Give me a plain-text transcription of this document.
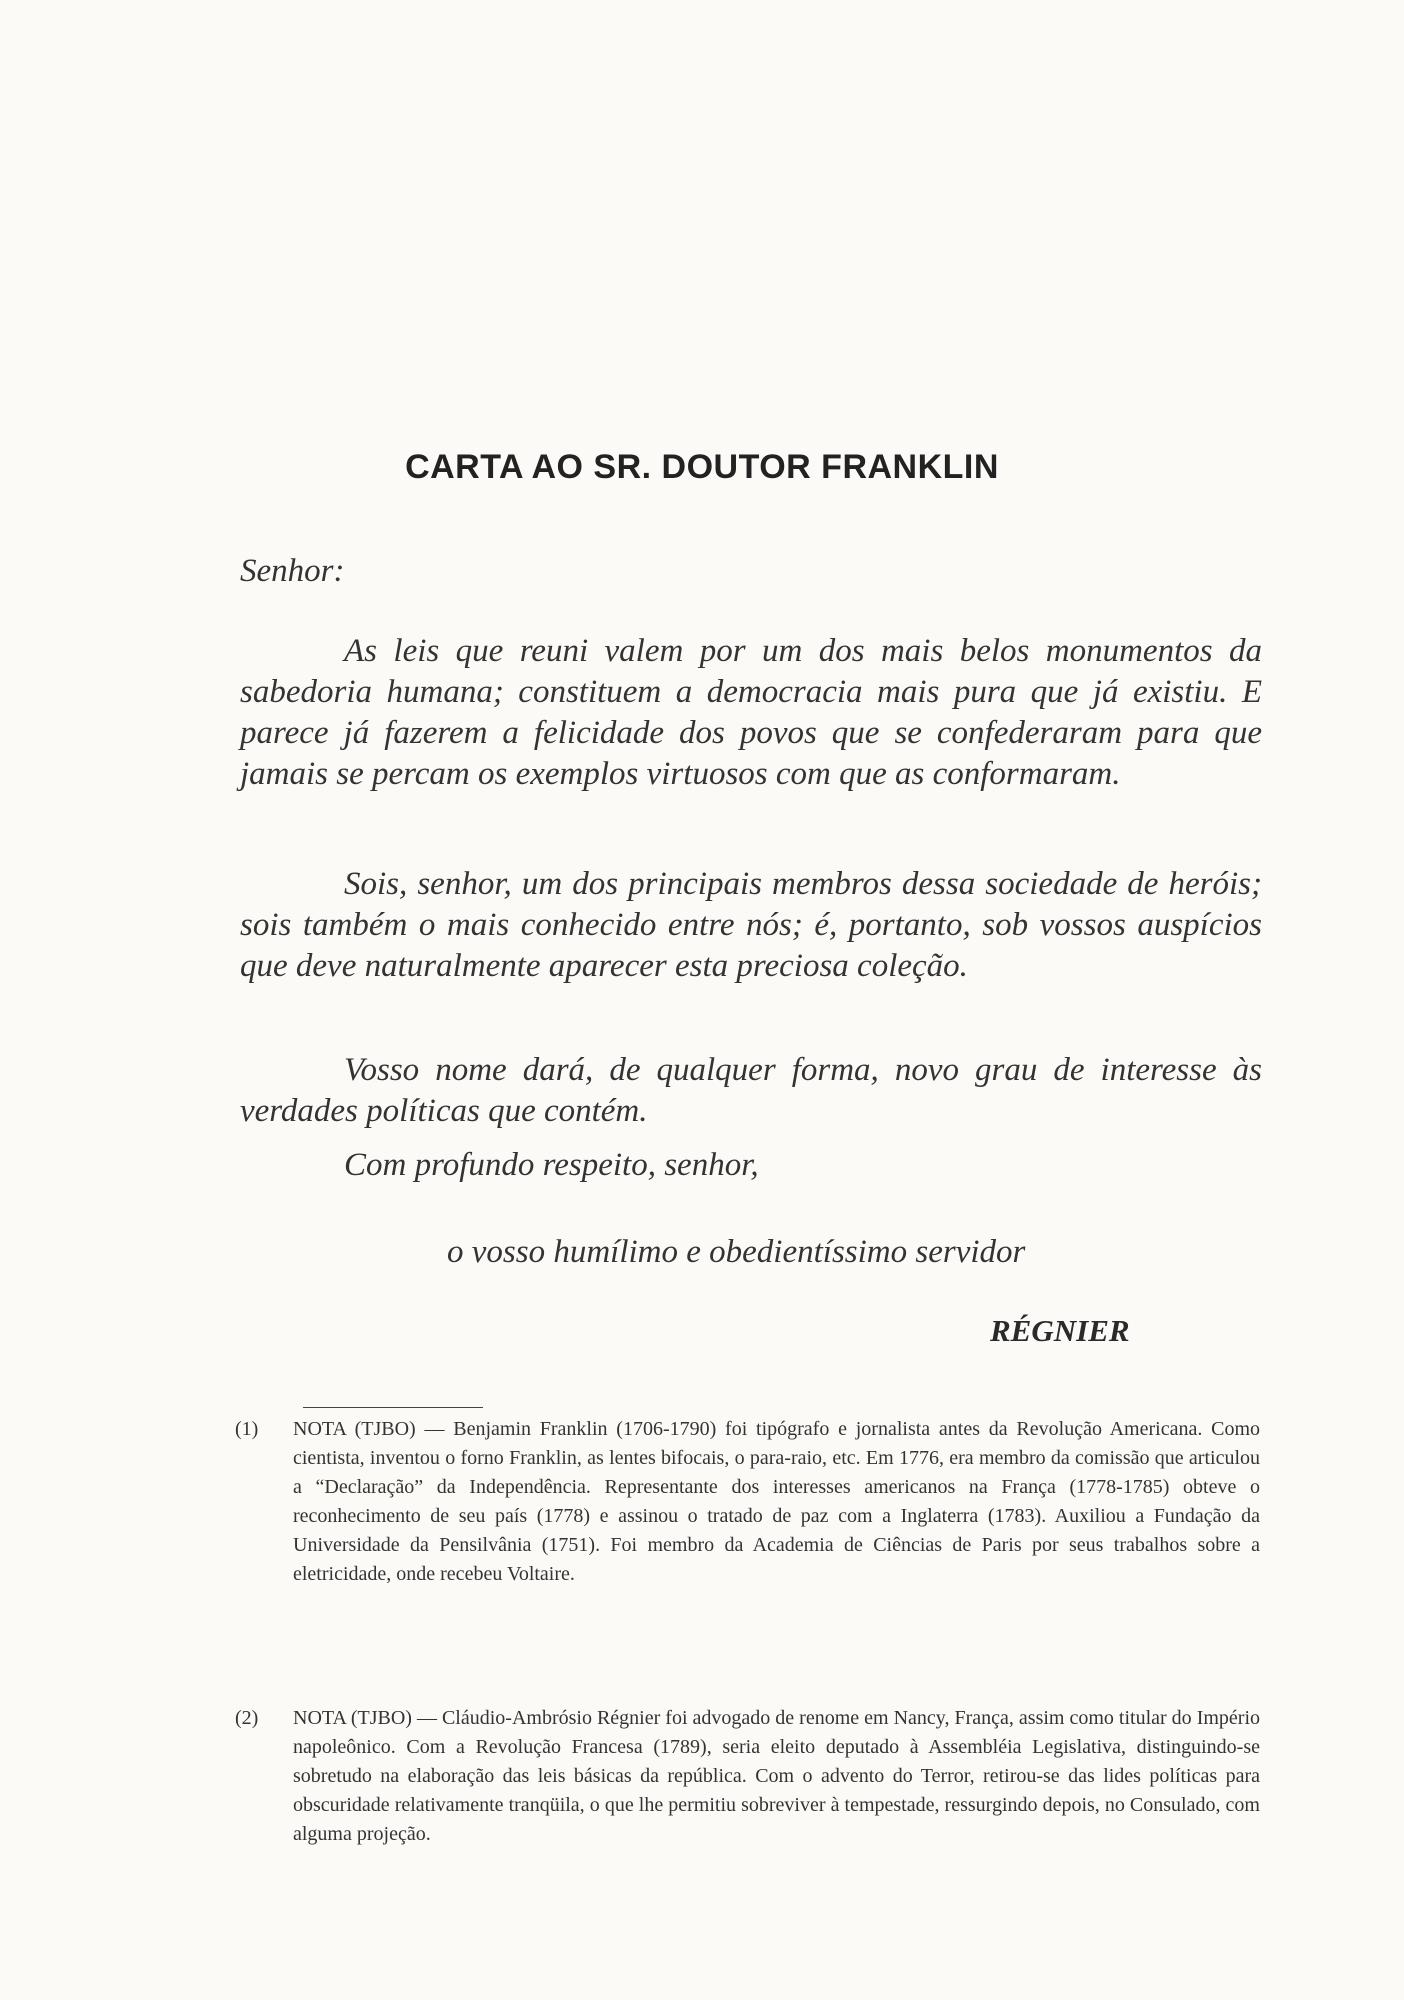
CARTA AO SR. DOUTOR FRANKLIN
Senhor:

As leis que reuni valem por um dos mais belos monumentos da sabedoria humana; constituem a democracia mais pura que já existiu. E parece já fazerem a felicidade dos povos que se confederaram para que jamais se percam os exemplos virtuosos com que as conformaram.

Sois, senhor, um dos principais membros dessa sociedade de heróis; sois também o mais conhecido entre nós; é, portanto, sob vossos auspícios que deve naturalmente aparecer esta preciosa coleção.

Vosso nome dará, de qualquer forma, novo grau de interesse às verdades políticas que contém.

Com profundo respeito, senhor,
o vosso humílimo e obedientíssimo servidor
RÉGNIER
(1) NOTA (TJBO) — Benjamin Franklin (1706-1790) foi tipógrafo e jornalista antes da Revolução Americana. Como cientista, inventou o forno Franklin, as lentes bifocais, o para-raio, etc. Em 1776, era membro da comissão que articulou a “Declaração” da Independência. Representante dos interesses americanos na França (1778-1785) obteve o reconhecimento de seu país (1778) e assinou o tratado de paz com a Inglaterra (1783). Auxiliou a Fundação da Universidade da Pensilvânia (1751). Foi membro da Academia de Ciências de Paris por seus trabalhos sobre a eletricidade, onde recebeu Voltaire.
(2) NOTA (TJBO) — Cláudio-Ambrósio Régnier foi advogado de renome em Nancy, França, assim como titular do Império napoleônico. Com a Revolução Francesa (1789), seria eleito deputado à Assembléia Legislativa, distinguindo-se sobretudo na elaboração das leis básicas da república. Com o advento do Terror, retirou-se das lides políticas para obscuridade relativamente tranqüila, o que lhe permitiu sobreviver à tempestade, ressurgindo depois, no Consulado, com alguma projeção.
